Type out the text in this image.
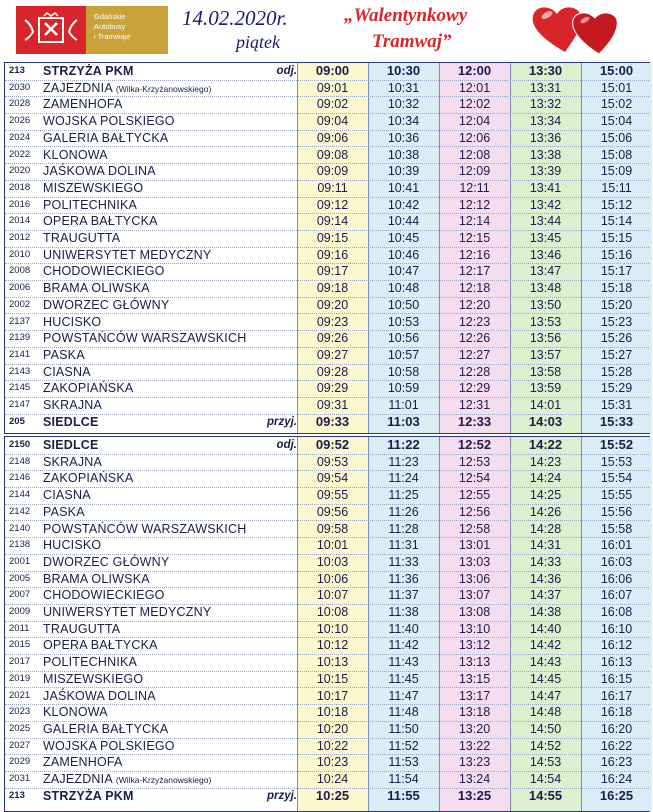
Gdańskie
Autobusy
i Tramwaje
14.02.2020r.
piątek
„Walentynkowy
Tramwaj”
213	STRZYŻA PKM	odj.	09:00	10:30	12:00	13:30	15:00
2030	ZAJEZDNIA (Wilka-Krzyżanowskiego)	09:01	10:31	12:01	13:31	15:01
2028	ZAMENHOFA	09:02	10:32	12:02	13:32	15:02
2026	WOJSKA POLSKIEGO	09:04	10:34	12:04	13:34	15:04
2024	GALERIA BAŁTYCKA	09:06	10:36	12:06	13:36	15:06
2022	KLONOWA	09:08	10:38	12:08	13:38	15:08
2020	JAŚKOWA DOLINA	09:09	10:39	12:09	13:39	15:09
2018	MISZEWSKIEGO	09:11	10:41	12:11	13:41	15:11
2016	POLITECHNIKA	09:12	10:42	12:12	13:42	15:12
2014	OPERA BAŁTYCKA	09:14	10:44	12:14	13:44	15:14
2012	TRAUGUTTA	09:15	10:45	12:15	13:45	15:15
2010	UNIWERSYTET MEDYCZNY	09:16	10:46	12:16	13:46	15:16
2008	CHODOWIECKIEGO	09:17	10:47	12:17	13:47	15:17
2006	BRAMA OLIWSKA	09:18	10:48	12:18	13:48	15:18
2002	DWORZEC GŁÓWNY	09:20	10:50	12:20	13:50	15:20
2137	HUCISKO	09:23	10:53	12:23	13:53	15:23
2139	POWSTAŃCÓW WARSZAWSKICH	09:26	10:56	12:26	13:56	15:26
2141	PASKA	09:27	10:57	12:27	13:57	15:27
2143	CIASNA	09:28	10:58	12:28	13:58	15:28
2145	ZAKOPIAŃSKA	09:29	10:59	12:29	13:59	15:29
2147	SKRAJNA	09:31	11:01	12:31	14:01	15:31
205	SIEDLCE	przyj.	09:33	11:03	12:33	14:03	15:33
2150	SIEDLCE	odj.	09:52	11:22	12:52	14:22	15:52
2148	SKRAJNA	09:53	11:23	12:53	14:23	15:53
2146	ZAKOPIAŃSKA	09:54	11:24	12:54	14:24	15:54
2144	CIASNA	09:55	11:25	12:55	14:25	15:55
2142	PASKA	09:56	11:26	12:56	14:26	15:56
2140	POWSTAŃCÓW WARSZAWSKICH	09:58	11:28	12:58	14:28	15:58
2138	HUCISKO	10:01	11:31	13:01	14:31	16:01
2001	DWORZEC GŁÓWNY	10:03	11:33	13:03	14:33	16:03
2005	BRAMA OLIWSKA	10:06	11:36	13:06	14:36	16:06
2007	CHODOWIECKIEGO	10:07	11:37	13:07	14:37	16:07
2009	UNIWERSYTET MEDYCZNY	10:08	11:38	13:08	14:38	16:08
2011	TRAUGUTTA	10:10	11:40	13:10	14:40	16:10
2015	OPERA BAŁTYCKA	10:12	11:42	13:12	14:42	16:12
2017	POLITECHNIKA	10:13	11:43	13:13	14:43	16:13
2019	MISZEWSKIEGO	10:15	11:45	13:15	14:45	16:15
2021	JAŚKOWA DOLINA	10:17	11:47	13:17	14:47	16:17
2023	KLONOWA	10:18	11:48	13:18	14:48	16:18
2025	GALERIA BAŁTYCKA	10:20	11:50	13:20	14:50	16:20
2027	WOJSKA POLSKIEGO	10:22	11:52	13:22	14:52	16:22
2029	ZAMENHOFA	10:23	11:53	13:23	14:53	16:23
2031	ZAJEZDNIA (Wilka-Krzyżanowskiego)	10:24	11:54	13:24	14:54	16:24
213	STRZYŻA PKM	przyj.	10:25	11:55	13:25	14:55	16:25
